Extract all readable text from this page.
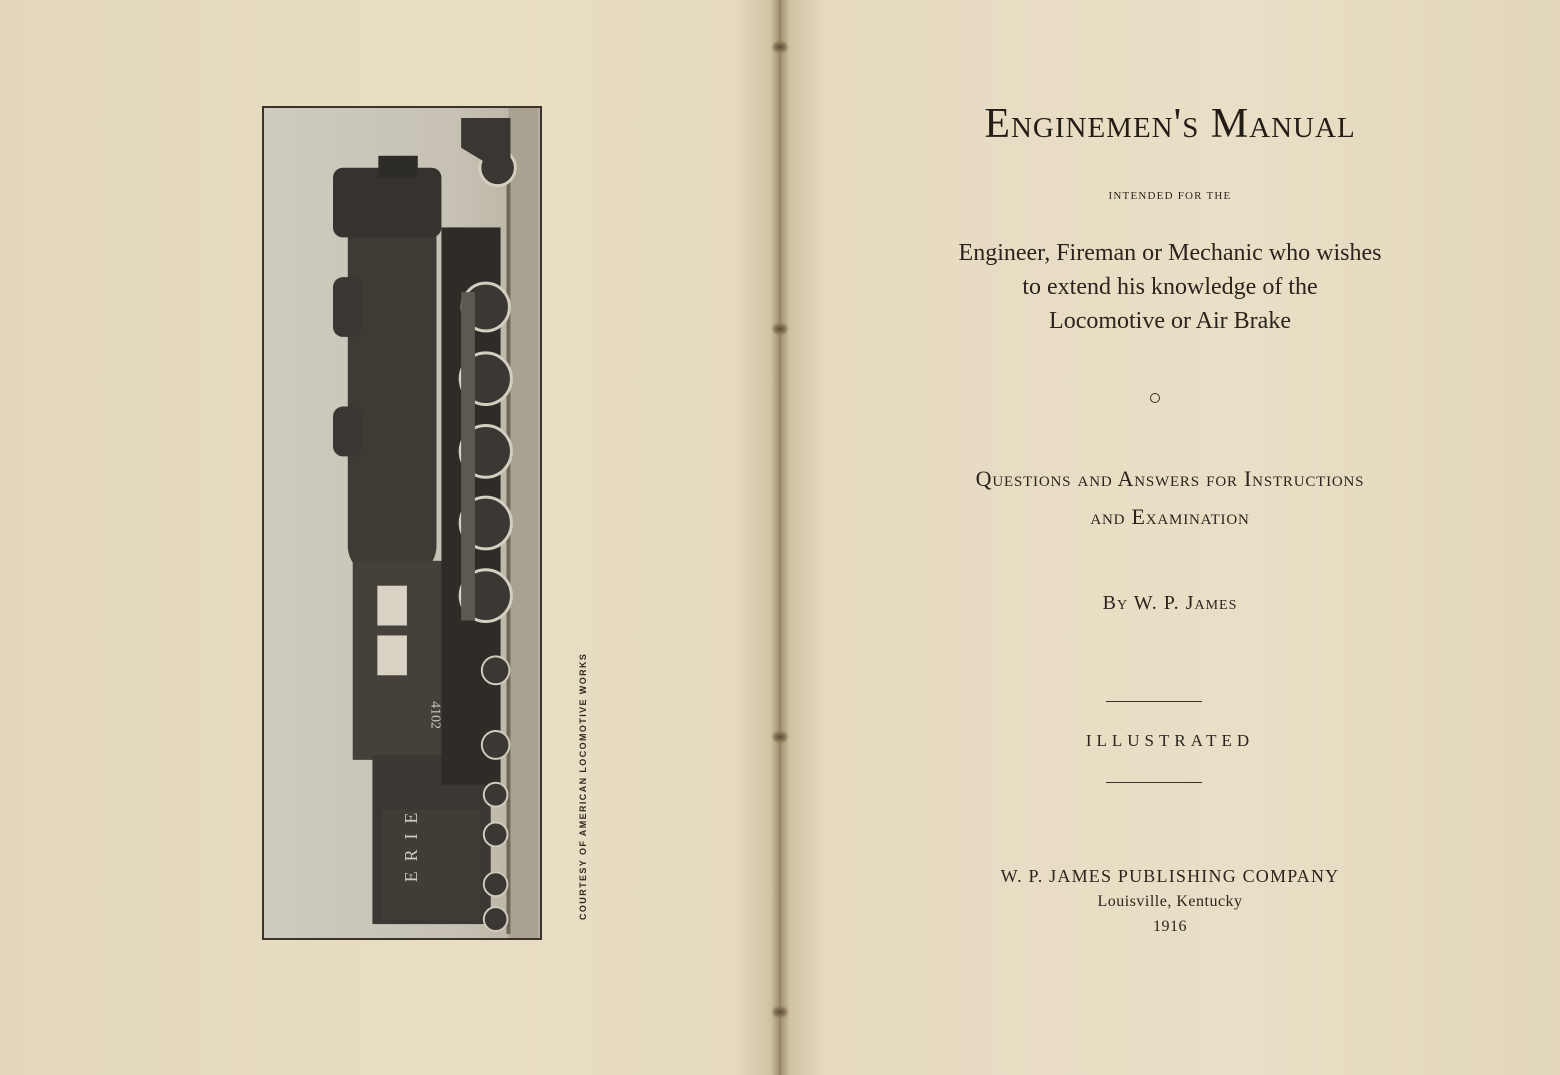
ERIE
4102	COURTESY OF AMERICAN LOCOMOTIVE WORKS
Enginemen's Manual
INTENDED FOR THE
Engineer, Fireman or Mechanic who wishes
to extend his knowledge of the
Locomotive or Air Brake
Questions and Answers for Instructions
and Examination
By W. P. James
ILLUSTRATED
W. P. JAMES PUBLISHING COMPANY
Louisville, Kentucky
1916
